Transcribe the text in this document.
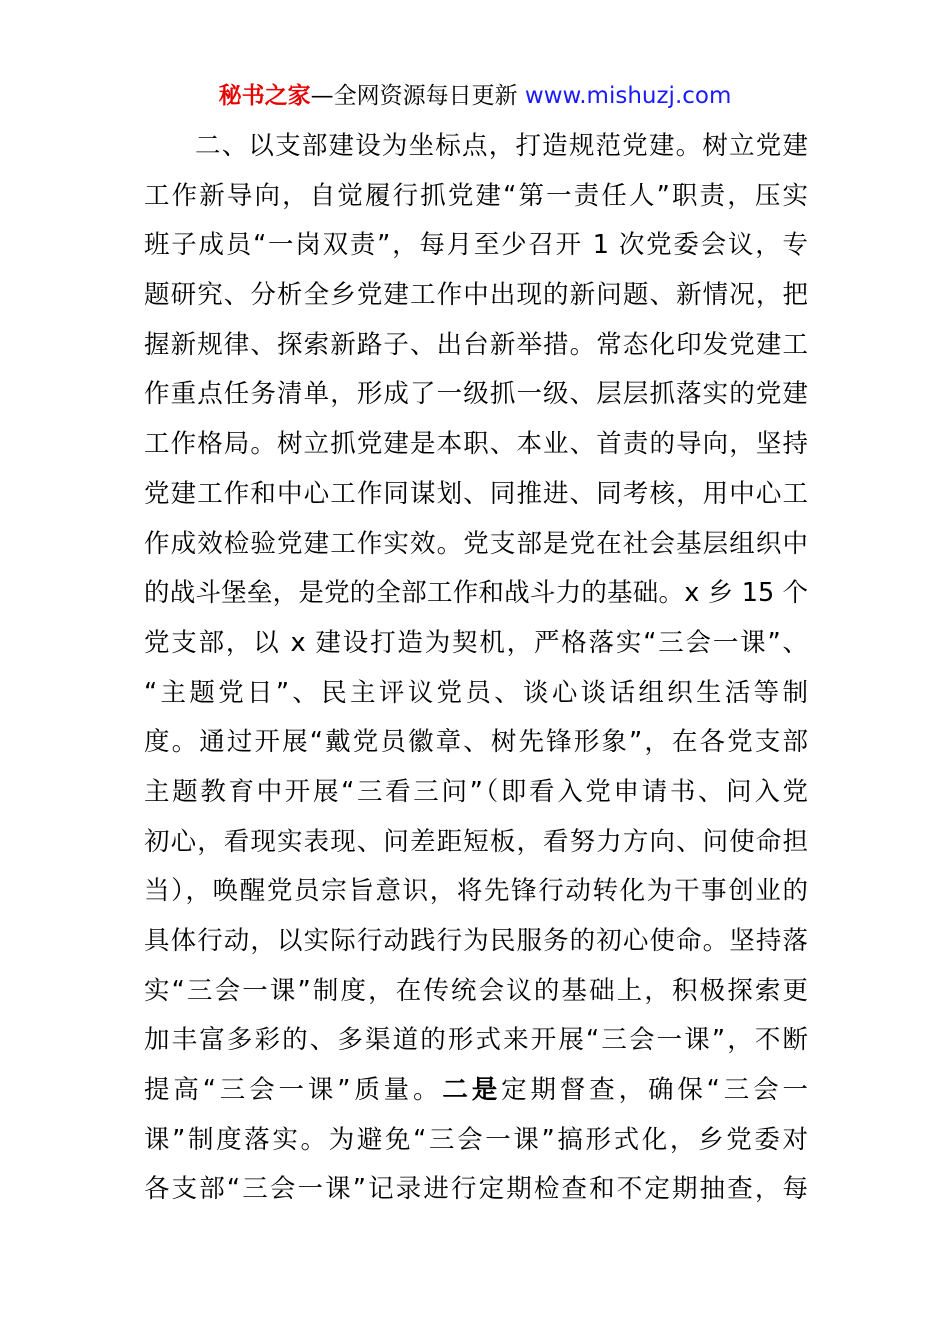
秘书之家—全网资源每日更新 www.mishuzj.com
二、以支部建设为坐标点，打造规范党建。树立党建
工作新导向，自觉履行抓党建“第一责任人”职责，压实
班子成员“一岗双责”，每月至少召开 1 次党委会议，专
题研究、分析全乡党建工作中出现的新问题、新情况，把
握新规律、探索新路子、出台新举措。常态化印发党建工
作重点任务清单，形成了一级抓一级、层层抓落实的党建
工作格局。树立抓党建是本职、本业、首责的导向，坚持
党建工作和中心工作同谋划、同推进、同考核，用中心工
作成效检验党建工作实效。党支部是党在社会基层组织中
的战斗堡垒，是党的全部工作和战斗力的基础。x 乡 15 个
党支部，以 x 建设打造为契机，严格落实“三会一课”、
“主题党日”、民主评议党员、谈心谈话组织生活等制
度。通过开展“戴党员徽章、树先锋形象”，在各党支部
主题教育中开展“三看三问”（即看入党申请书、问入党
初心，看现实表现、问差距短板，看努力方向、问使命担
当），唤醒党员宗旨意识，将先锋行动转化为干事创业的
具体行动，以实际行动践行为民服务的初心使命。坚持落
实“三会一课”制度，在传统会议的基础上，积极探索更
加丰富多彩的、多渠道的形式来开展“三会一课”，不断
提高“三会一课”质量。二是定期督查，确保“三会一
课”制度落实。为避免“三会一课”搞形式化，乡党委对
各支部“三会一课”记录进行定期检查和不定期抽查，每
